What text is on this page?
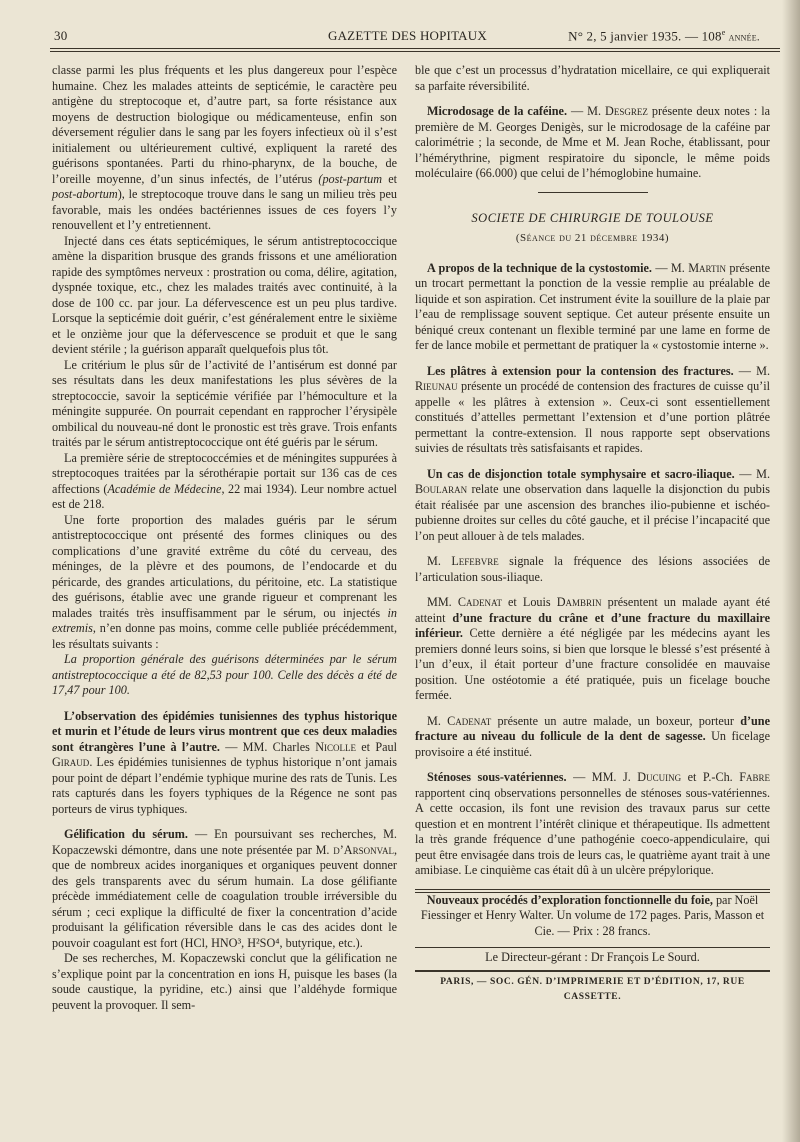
30	GAZETTE DES HOPITAUX	N° 2, 5 janvier 1935. — 108e année.

classe parmi les plus fréquents et les plus dangereux pour l’espèce humaine. Chez les malades atteints de septicémie, le caractère peu antigène du streptocoque et, d’autre part, sa forte résistance aux moyens de destruction biologique ou médicamenteuse, enfin son déversement régulier dans le sang par les foyers infectieux où il s’est initialement ou ultérieurement cultivé, expliquent la rareté des guérisons spontanées. Parti du rhino-pharynx, de la bouche, de l’oreille moyenne, d’un sinus infectés, de l’utérus (post-partum et post-abortum), le streptocoque trouve dans le sang un milieu très peu favorable, mais les ondées bactériennes issues de ces foyers l’y renouvellent et l’y entretiennent.

Injecté dans ces états septicémiques, le sérum antistreptococcique amène la disparition brusque des grands frissons et une amélioration rapide des symptômes nerveux : prostration ou coma, délire, agitation, dyspnée toxique, etc., chez les malades traités avec continuité, à la dose de 100 cc. par jour. La défervescence est un peu plus tardive. Lorsque la septicémie doit guérir, c’est généralement entre le sixième et le onzième jour que la défervescence se produit et que le sang devient stérile ; la guérison apparaît quelquefois plus tôt.

Le critérium le plus sûr de l’activité de l’antisérum est donné par ses résultats dans les deux manifestations les plus sévères de la streptococcie, savoir la septicémie vérifiée par l’hémoculture et la méningite suppurée. On pourrait cependant en rapprocher l’érysipèle ombilical du nouveau-né dont le pronostic est très grave. Trois enfants traités par le sérum antistreptococcique ont été guéris par le sérum.

La première série de streptococcémies et de méningites suppurées à streptocoques traitées par la sérothérapie portait sur 136 cas de ces affections (Académie de Médecine, 22 mai 1934). Leur nombre actuel est de 218.

Une forte proportion des malades guéris par le sérum antistreptococcique ont présenté des formes cliniques ou des complications d’une gravité extrême du côté du cerveau, des méninges, de la plèvre et des poumons, de l’endocarde et du péricarde, des grandes articulations, du péritoine, etc. La statistique des guérisons, établie avec une grande rigueur et comprenant les malades traités très insuffisamment par le sérum, ou injectés in extremis, n’en donne pas moins, comme celle publiée précédemment, les résultats suivants :

La proportion générale des guérisons déterminées par le sérum antistreptococcique a été de 82,53 pour 100. Celle des décès a été de 17,47 pour 100.

L’observation des épidémies tunisiennes des typhus historique et murin et l’étude de leurs virus montrent que ces deux maladies sont étrangères l’une à l’autre. — MM. Charles Nicolle et Paul Giraud. Les épidémies tunisiennes de typhus historique n’ont jamais pour point de départ l’endémie typhique murine des rats de Tunis. Les rats capturés dans les foyers typhiques de la Régence ne sont pas porteurs de virus typhiques.

Gélification du sérum. — En poursuivant ses recherches, M. Kopaczewski démontre, dans une note présentée par M. d’Arsonval, que de nombreux acides inorganiques et organiques peuvent donner des gels transparents avec du sérum humain. La dose gélifiante précède immédiatement celle de coagulation trouble irréversible du sérum ; ceci explique la difficulté de fixer la concentration d’acide produisant la gélification réversible dans le cas des acides dont le pouvoir coagulant est fort (HCl, HNO³, H²SO⁴, butyrique, etc.).

De ses recherches, M. Kopaczewski conclut que la gélification ne s’explique point par la concentration en ions H, puisque les bases (la soude caustique, la pyridine, etc.) ainsi que l’aldéhyde formique peuvent la provoquer. Il sem-

ble que c’est un processus d’hydratation micellaire, ce qui expliquerait sa parfaite réversibilité.

Microdosage de la caféine. — M. Desgrez présente deux notes : la première de M. Georges Denigès, sur le microdosage de la caféine par calorimétrie ; la seconde, de Mme et M. Jean Roche, établissant, pour l’hémérythrine, pigment respiratoire du siponcle, le même poids moléculaire (66.000) que celui de l’hémoglobine humaine.

SOCIETE DE CHIRURGIE DE TOULOUSE
(Séance du 21 décembre 1934)

A propos de la technique de la cystostomie. — M. Martin présente un trocart permettant la ponction de la vessie remplie au préalable de liquide et son aspiration. Cet instrument évite la souillure de la plaie par l’eau de remplissage souvent septique. Cet auteur présente ensuite un béniqué creux contenant un flexible terminé par une lame en forme de fer de lance mobile et permettant de pratiquer la « cystostomie interne ».

Les plâtres à extension pour la contension des fractures. — M. Rieunau présente un procédé de contension des fractures de cuisse qu’il appelle « les plâtres à extension ». Ceux-ci sont essentiellement constitués d’attelles permettant l’extension et d’une portion plâtrée permettant la contre-extension. Il nous rapporte sept observations suivies de résultats très satisfaisants et rapides.

Un cas de disjonction totale symphysaire et sacro-iliaque. — M. Boularan relate une observation dans laquelle la disjonction du pubis était réalisée par une ascension des branches ilio-pubienne et ischéo-pubienne droites sur celles du côté gauche, et il précise l’incapacité que l’on peut allouer à de tels malades.

M. Lefebvre signale la fréquence des lésions associées de l’articulation sous-iliaque.

MM. Cadenat et Louis Dambrin présentent un malade ayant été atteint d’une fracture du crâne et d’une fracture du maxillaire inférieur. Cette dernière a été négligée par les médecins ayant les premiers donné leurs soins, si bien que lorsque le blessé s’est présenté à l’un d’eux, il était porteur d’une fracture consolidée en mauvaise position. Une ostéotomie a été pratiquée, puis un ficelage bouche fermée.

M. Cadenat présente un autre malade, un boxeur, porteur d’une fracture au niveau du follicule de la dent de sagesse. Un ficelage provisoire a été institué.

Sténoses sous-vatériennes. — MM. J. Ducuing et P.-Ch. Fabre rapportent cinq observations personnelles de sténoses sous-vatériennes. A cette occasion, ils font une revision des travaux parus sur cette question et en montrent l’intérêt clinique et thérapeutique. Ils admettent la très grande fréquence d’une pathogénie coeco-appendiculaire, qui peut être envisagée dans trois de leurs cas, le quatrième ayant trait à une amibiase. Le cinquième cas était dû à un ulcère prépylorique.

Nouveaux procédés d’exploration fonctionnelle du foie, par Noël Fiessinger et Henry Walter. Un volume de 172 pages. Paris, Masson et Cie. — Prix : 28 francs.

Le Directeur-gérant : Dr François Le Sourd.
PARIS, — SOC. GÉN. D’IMPRIMERIE ET D’ÉDITION, 17, RUE CASSETTE.
